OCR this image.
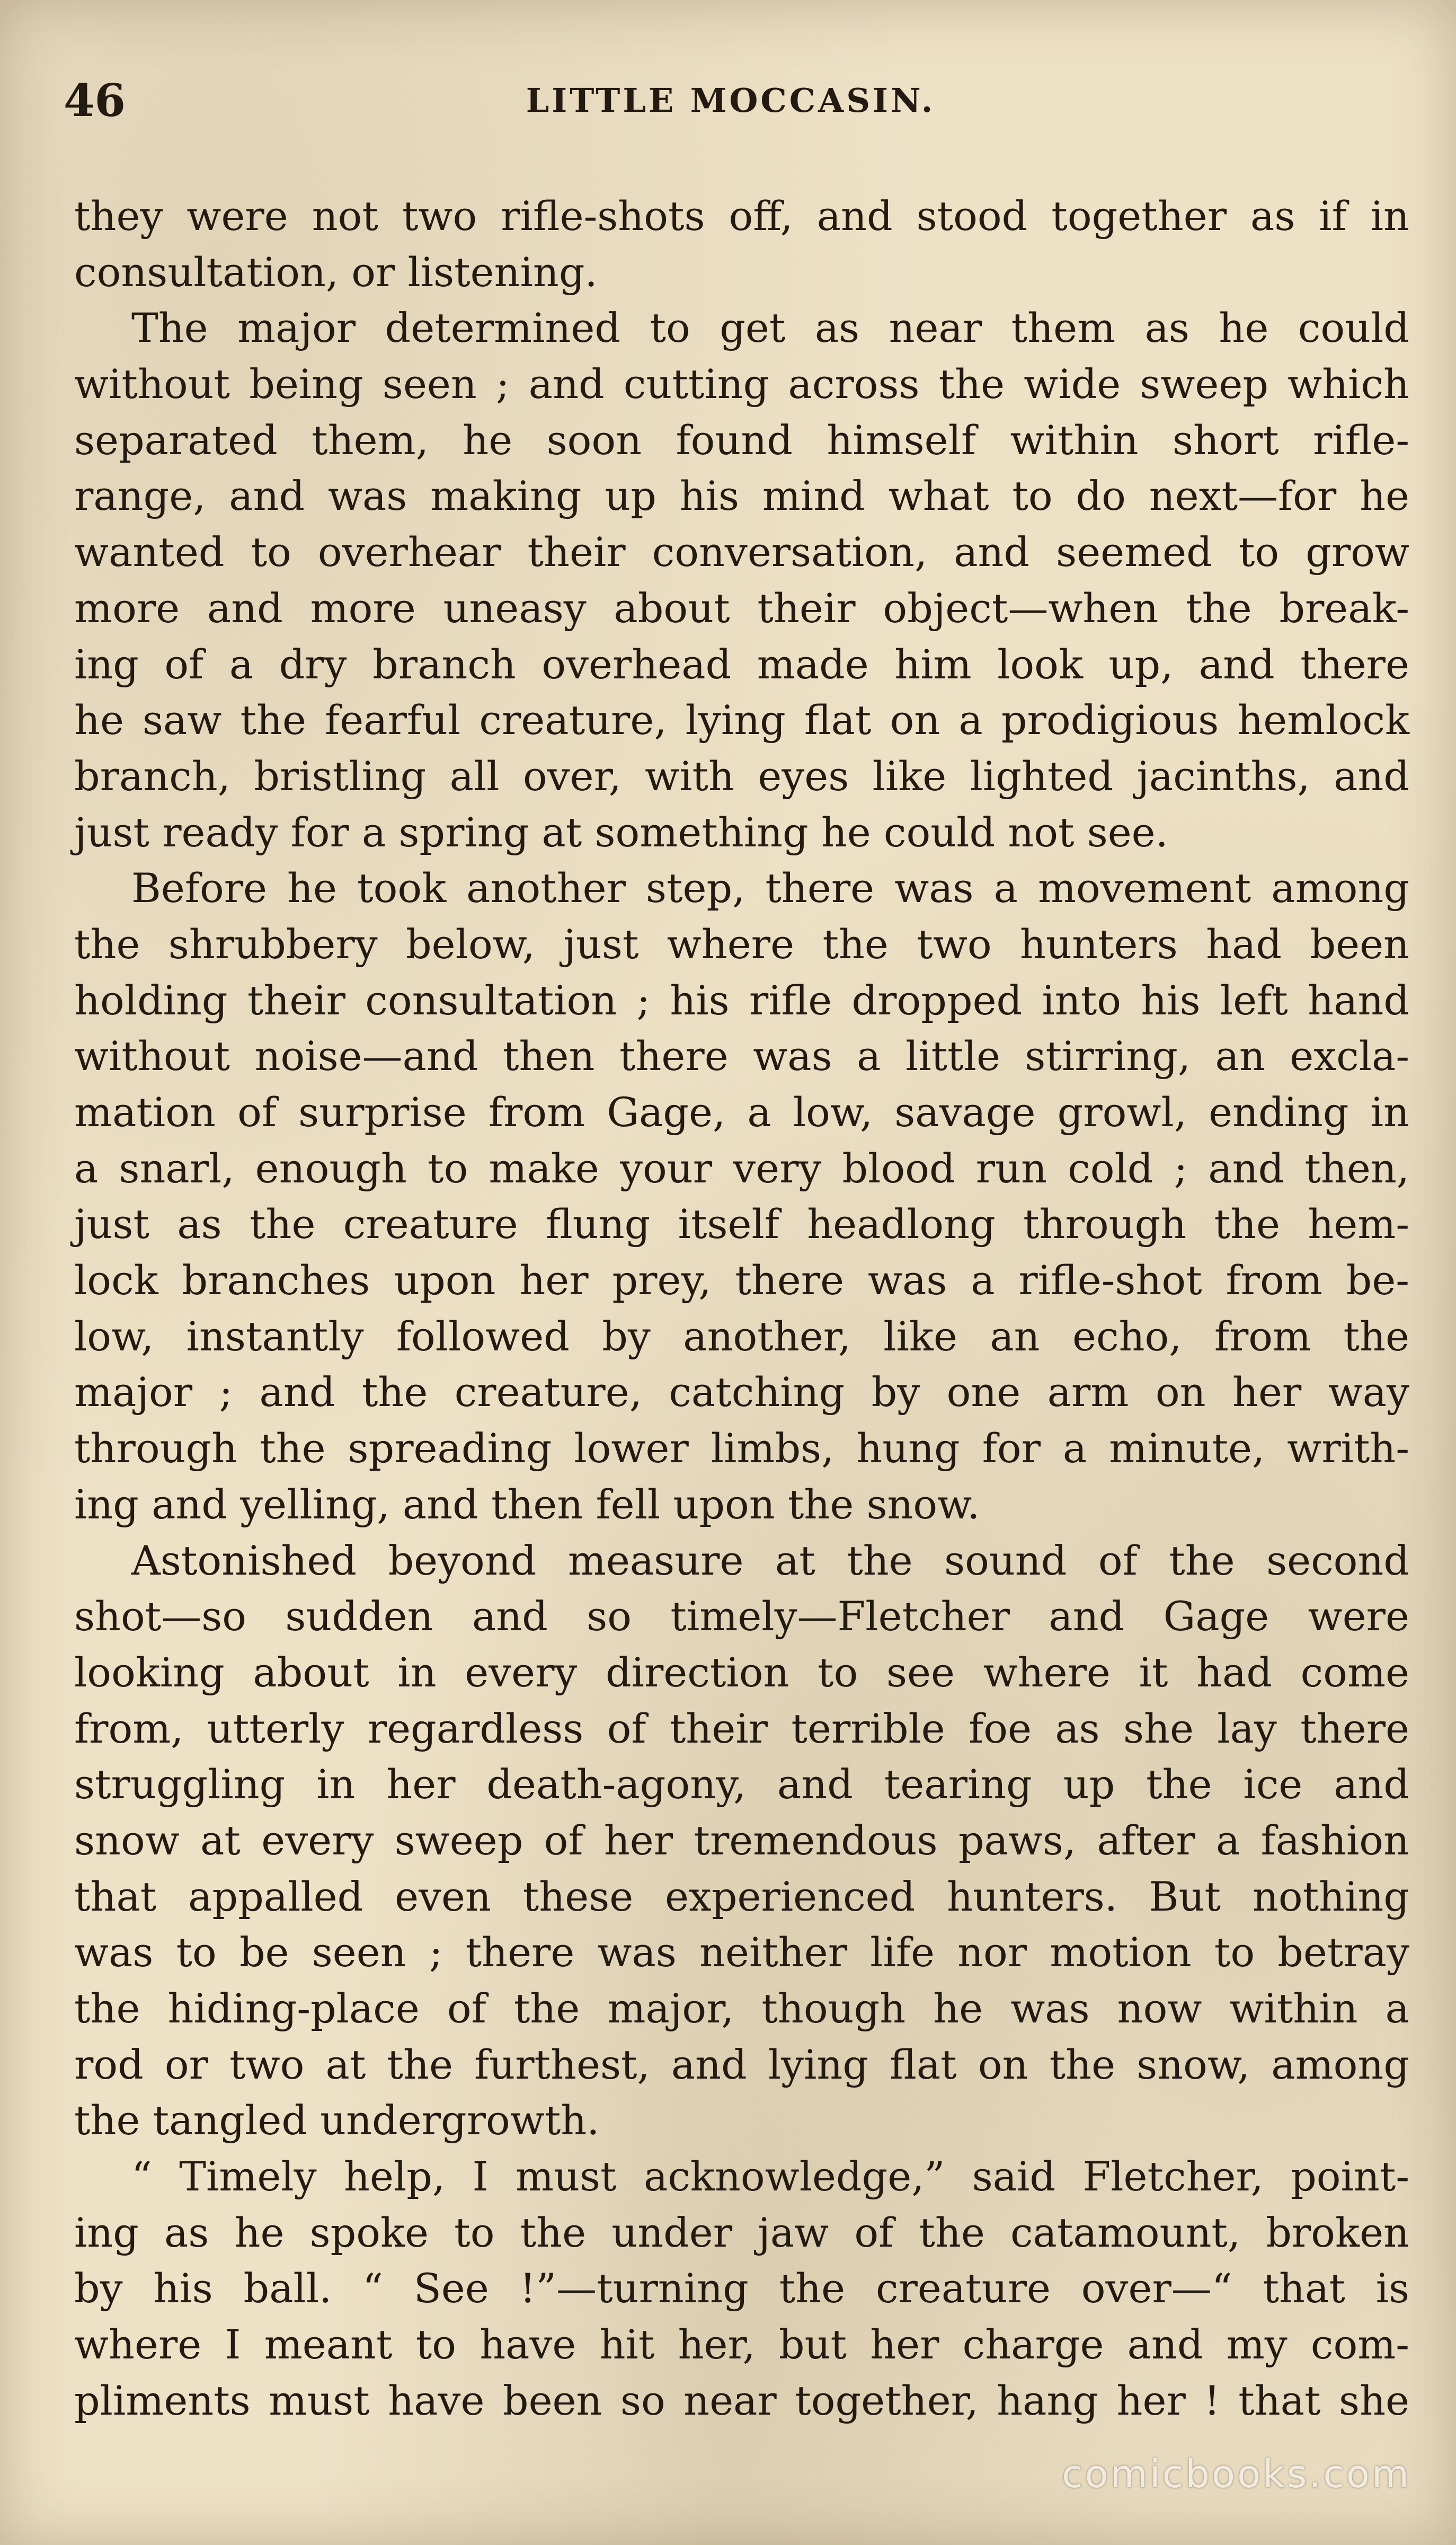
46	LITTLE MOCCASIN.
they were not two rifle-shots off, and stood together as if in
consultation, or listening.
The major determined to get as near them as he could
without being seen ; and cutting across the wide sweep which
separated them, he soon found himself within short rifle-
range, and was making up his mind what to do next—for he
wanted to overhear their conversation, and seemed to grow
more and more uneasy about their object—when the break-
ing of a dry branch overhead made him look up, and there
he saw the fearful creature, lying flat on a prodigious hemlock
branch, bristling all over, with eyes like lighted jacinths, and
just ready for a spring at something he could not see.
Before he took another step, there was a movement among
the shrubbery below, just where the two hunters had been
holding their consultation ; his rifle dropped into his left hand
without noise—and then there was a little stirring, an excla-
mation of surprise from Gage, a low, savage growl, ending in
a snarl, enough to make your very blood run cold ; and then,
just as the creature flung itself headlong through the hem-
lock branches upon her prey, there was a rifle-shot from be-
low, instantly followed by another, like an echo, from the
major ; and the creature, catching by one arm on her way
through the spreading lower limbs, hung for a minute, writh-
ing and yelling, and then fell upon the snow.
Astonished beyond measure at the sound of the second
shot—so sudden and so timely—Fletcher and Gage were
looking about in every direction to see where it had come
from, utterly regardless of their terrible foe as she lay there
struggling in her death-agony, and tearing up the ice and
snow at every sweep of her tremendous paws, after a fashion
that appalled even these experienced hunters. But nothing
was to be seen ; there was neither life nor motion to betray
the hiding-place of the major, though he was now within a
rod or two at the furthest, and lying flat on the snow, among
the tangled undergrowth.
“ Timely help, I must acknowledge,” said Fletcher, point-
ing as he spoke to the under jaw of the catamount, broken
by his ball. “ See !”—turning the creature over—“ that is
where I meant to have hit her, but her charge and my com-
pliments must have been so near together, hang her ! that she
comicbooks.com
